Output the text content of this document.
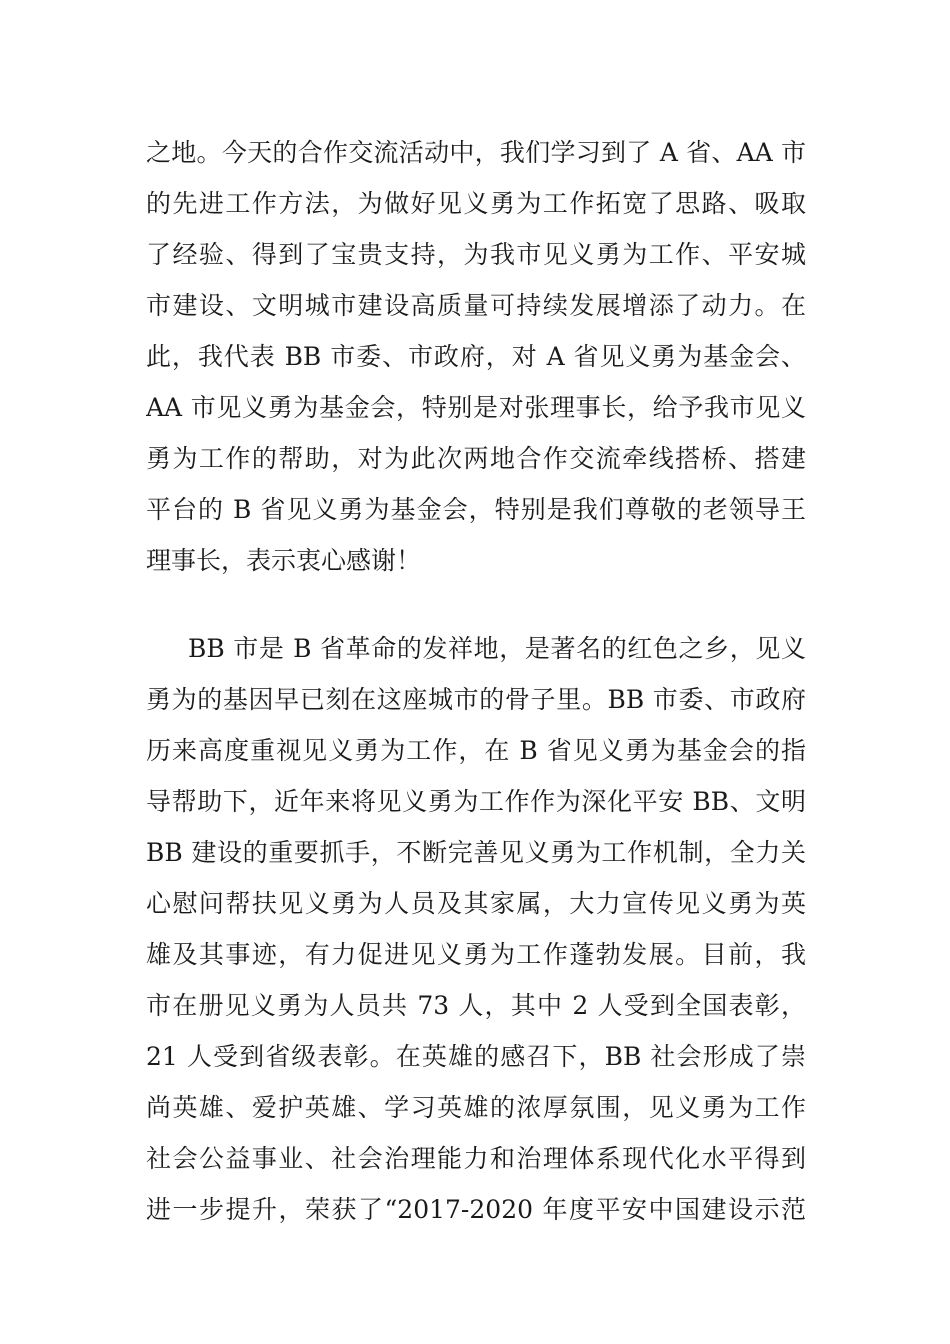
之地。今天的合作交流活动中，我们学习到了 A 省、AA 市
的先进工作方法，为做好见义勇为工作拓宽了思路、吸取
了经验、得到了宝贵支持，为我市见义勇为工作、平安城
市建设、文明城市建设高质量可持续发展增添了动力。在
此，我代表 BB 市委、市政府，对 A 省见义勇为基金会、
AA 市见义勇为基金会，特别是对张理事长，给予我市见义
勇为工作的帮助，对为此次两地合作交流牵线搭桥、搭建
平台的 B 省见义勇为基金会，特别是我们尊敬的老领导王
理事长，表示衷心感谢！
BB 市是 B 省革命的发祥地，是著名的红色之乡，见义
勇为的基因早已刻在这座城市的骨子里。BB 市委、市政府
历来高度重视见义勇为工作，在 B 省见义勇为基金会的指
导帮助下，近年来将见义勇为工作作为深化平安 BB、文明
BB 建设的重要抓手，不断完善见义勇为工作机制，全力关
心慰问帮扶见义勇为人员及其家属，大力宣传见义勇为英
雄及其事迹，有力促进见义勇为工作蓬勃发展。目前，我
市在册见义勇为人员共 73 人，其中 2 人受到全国表彰，
21 人受到省级表彰。在英雄的感召下，BB 社会形成了崇
尚英雄、爱护英雄、学习英雄的浓厚氛围，见义勇为工作
社会公益事业、社会治理能力和治理体系现代化水平得到
进一步提升，荣获了“2017-2020 年度平安中国建设示范
